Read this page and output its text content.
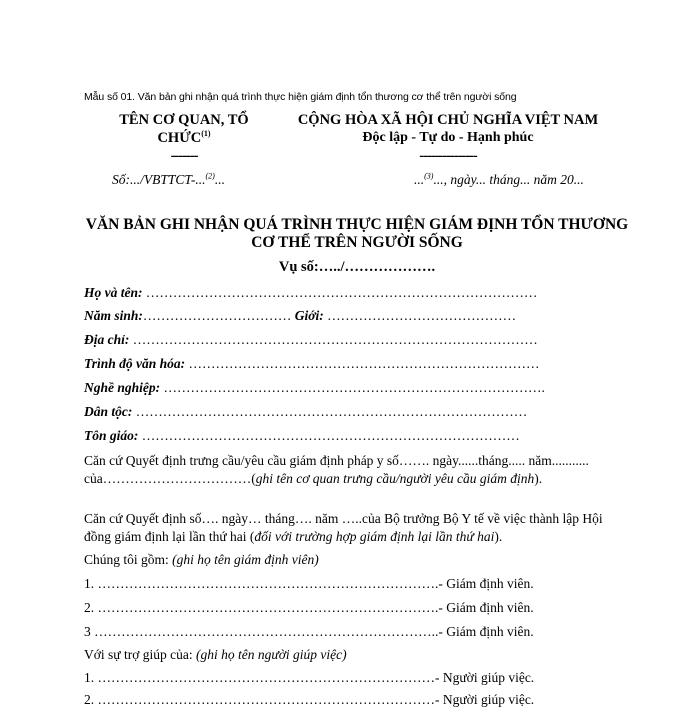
Mẫu số 01. Văn bản ghi nhận quá trình thực hiện giám định tổn thương cơ thể trên người sống
TÊN CƠ QUAN, TỔ
CHỨC$^{(1)}$
-------
CỘNG HÒA XÃ HỘI CHỦ NGHĨA VIỆT NAM
Độc lập - Tự do - Hạnh phúc
---------------
Số:.../VBTTCT-...$^{(2)}$...	...$^{(3)}$..., ngày... tháng... năm 20...
VĂN BẢN GHI NHẬN QUÁ TRÌNH THỰC HIỆN GIÁM ĐỊNH TỔN THƯƠNG
CƠ THỂ TRÊN NGƯỜI SỐNG
Vụ số:…../……………….
Họ và tên: ……………………………………………………………………………
Năm sinh:…………………………… Giới: ……………………………………
Địa chỉ: ………………………………………………………………………………
Trình độ văn hóa: ……………………………………………………………………
Nghề nghiệp: ………………………………………………………………………….
Dân tộc: ……………………………………………………………………………
Tôn giáo: …………………………………………………………………………
Căn cứ Quyết định trưng cầu/yêu cầu giám định pháp y số……. ngày......tháng..... năm........... của……………………………(ghi tên cơ quan trưng cầu/người yêu cầu giám định).
Căn cứ Quyết định số…. ngày… tháng…. năm …..của Bộ trưởng Bộ Y tế về việc thành lập Hội đồng giám định lại lần thứ hai (đối với trường hợp giám định lại lần thứ hai).
Chúng tôi gồm: (ghi họ tên giám định viên)
1. ………………………………………………………………….- Giám định viên.
2. ………………………………………………………………….- Giám định viên.
3 …………………………………………………………………..- Giám định viên.
Với sự trợ giúp của: (ghi họ tên người giúp việc)
1. …………………………………………………………………- Người giúp việc.
2. …………………………………………………………………- Người giúp việc.
